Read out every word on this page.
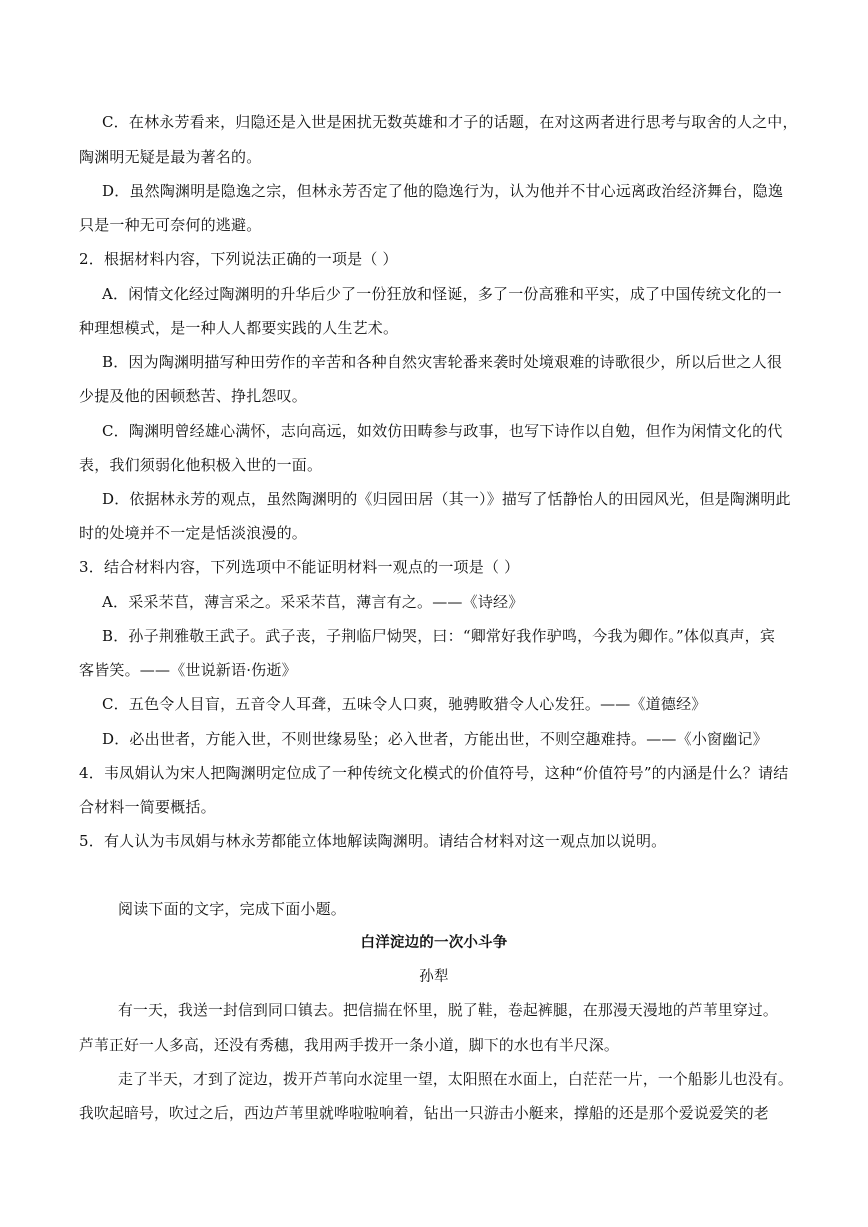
C．在林永芳看来，归隐还是入世是困扰无数英雄和才子的话题，在对这两者进行思考与取舍的人之中，
陶渊明无疑是最为著名的。
D．虽然陶渊明是隐逸之宗，但林永芳否定了他的隐逸行为，认为他并不甘心远离政治经济舞台，隐逸
只是一种无可奈何的逃避。
2．根据材料内容，下列说法正确的一项是（ ）
A．闲情文化经过陶渊明的升华后少了一份狂放和怪诞，多了一份高雅和平实，成了中国传统文化的一
种理想模式，是一种人人都要实践的人生艺术。
B．因为陶渊明描写种田劳作的辛苦和各种自然灾害轮番来袭时处境艰难的诗歌很少，所以后世之人很
少提及他的困顿愁苦、挣扎怨叹。
C．陶渊明曾经雄心满怀，志向高远，如效仿田畴参与政事，也写下诗作以自勉，但作为闲情文化的代
表，我们须弱化他积极入世的一面。
D．依据林永芳的观点，虽然陶渊明的《归园田居（其一）》描写了恬静怡人的田园风光，但是陶渊明此
时的处境并不一定是恬淡浪漫的。
3．结合材料内容，下列选项中不能证明材料一观点的一项是（ ）
A．采采芣苢，薄言采之。采采芣苢，薄言有之。——《诗经》
B．孙子荆雅敬王武子。武子丧，子荆临尸恸哭，曰：“卿常好我作驴鸣，今我为卿作。”体似真声，宾
客皆笑。——《世说新语·伤逝》
C．五色令人目盲，五音令人耳聋，五味令人口爽，驰骋畋猎令人心发狂。——《道德经》
D．必出世者，方能入世，不则世缘易坠；必入世者，方能出世，不则空趣难持。——《小窗幽记》
4．韦凤娟认为宋人把陶渊明定位成了一种传统文化模式的价值符号，这种“价值符号”的内涵是什么？请结
合材料一简要概括。
5．有人认为韦凤娟与林永芳都能立体地解读陶渊明。请结合材料对这一观点加以说明。
阅读下面的文字，完成下面小题。
白洋淀边的一次小斗争
孙犁
有一天，我送一封信到同口镇去。把信揣在怀里，脱了鞋，卷起裤腿，在那漫天漫地的芦苇里穿过。
芦苇正好一人多高，还没有秀穗，我用两手拨开一条小道，脚下的水也有半尺深。
走了半天，才到了淀边，拨开芦苇向水淀里一望，太阳照在水面上，白茫茫一片，一个船影儿也没有。
我吹起暗号，吹过之后，西边芦苇里就哗啦啦响着，钻出一只游击小艇来，撑船的还是那个爱说爱笑的老
